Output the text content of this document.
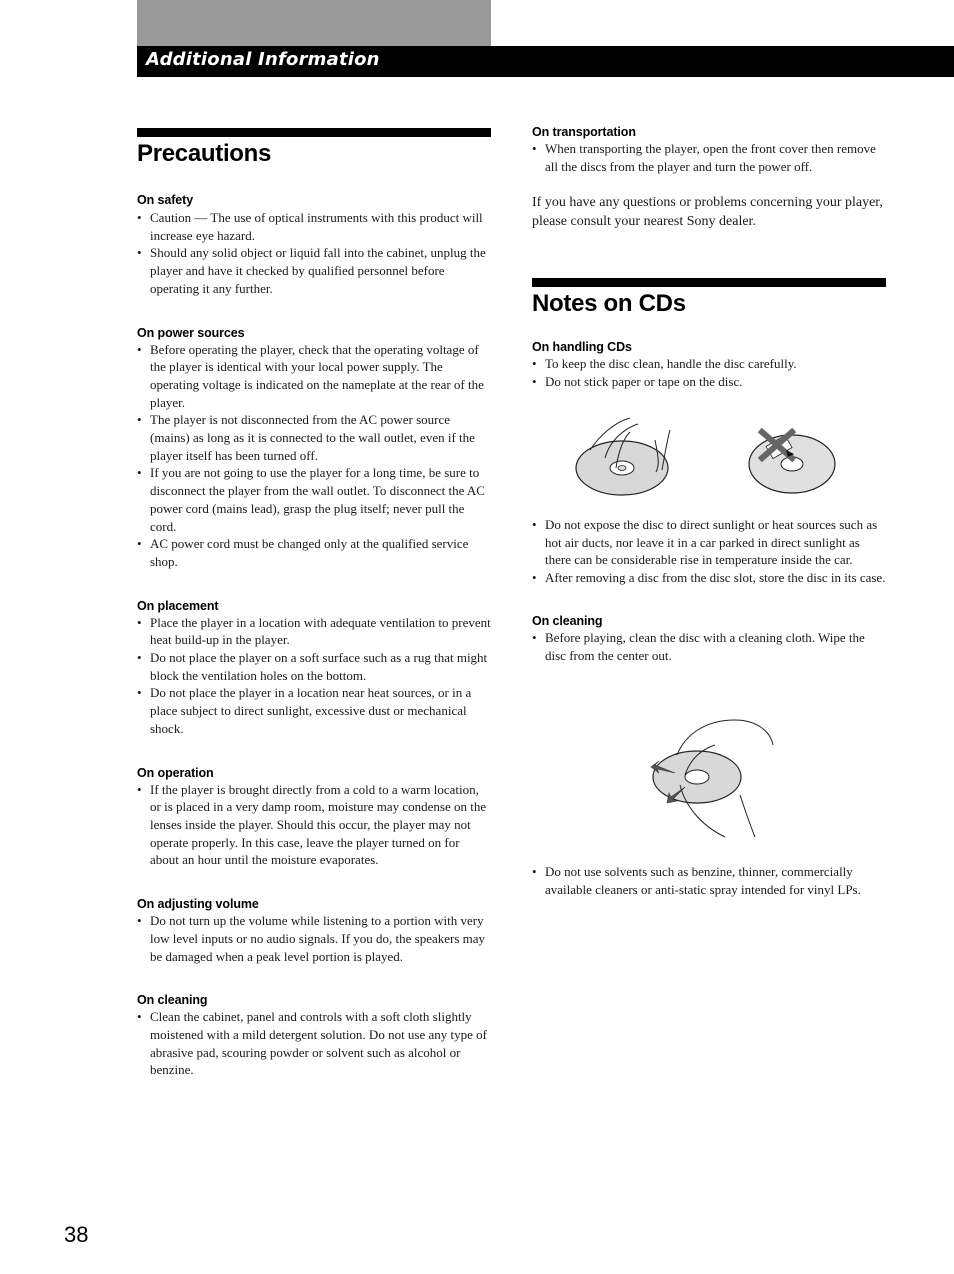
Additional Information
Precautions

On safety

• Caution — The use of optical instruments with this product will increase eye hazard.
• Should any solid object or liquid fall into the cabinet, unplug the player and have it checked by qualified personnel before operating it any further.

On power sources

• Before operating the player, check that the operating voltage of the player is identical with your local power supply. The operating voltage is indicated on the nameplate at the rear of the player.
• The player is not disconnected from the AC power source (mains) as long as it is connected to the wall outlet, even if the player itself has been turned off.
• If you are not going to use the player for a long time, be sure to disconnect the player from the wall outlet. To disconnect the AC power cord (mains lead), grasp the plug itself; never pull the cord.
• AC power cord must be changed only at the qualified service shop.

On placement

• Place the player in a location with adequate ventilation to prevent heat build-up in the player.
• Do not place the player on a soft surface such as a rug that might block the ventilation holes on the bottom.
• Do not place the player in a location near heat sources, or in a place subject to direct sunlight, excessive dust or mechanical shock.

On operation

• If the player is brought directly from a cold to a warm location, or is placed in a very damp room, moisture may condense on the lenses inside the player. Should this occur, the player may not operate properly. In this case, leave the player turned on for about an hour until the moisture evaporates.

On adjusting volume

• Do not turn up the volume while listening to a portion with very low level inputs or no audio signals. If you do, the speakers may be damaged when a peak level portion is played.

On cleaning

• Clean the cabinet, panel and controls with a soft cloth slightly moistened with a mild detergent solution. Do not use any type of abrasive pad, scouring powder or solvent such as alcohol or benzine.

On transportation

• When transporting the player, open the front cover then remove all the discs from the player and turn the power off.

If you have any questions or problems concerning your player, please consult your nearest Sony dealer.

Notes on CDs

On handling CDs

• To keep the disc clean, handle the disc carefully.
• Do not stick paper or tape on the disc.
• Do not expose the disc to direct sunlight or heat sources such as hot air ducts, nor leave it in a car parked in direct sunlight as there can be considerable rise in temperature inside the car.
• After removing a disc from the disc slot, store the disc in its case.

On cleaning

• Before playing, clean the disc with a cleaning cloth. Wipe the disc from the center out.
• Do not use solvents such as benzine, thinner, commercially available cleaners or anti-static spray intended for vinyl LPs.
38
